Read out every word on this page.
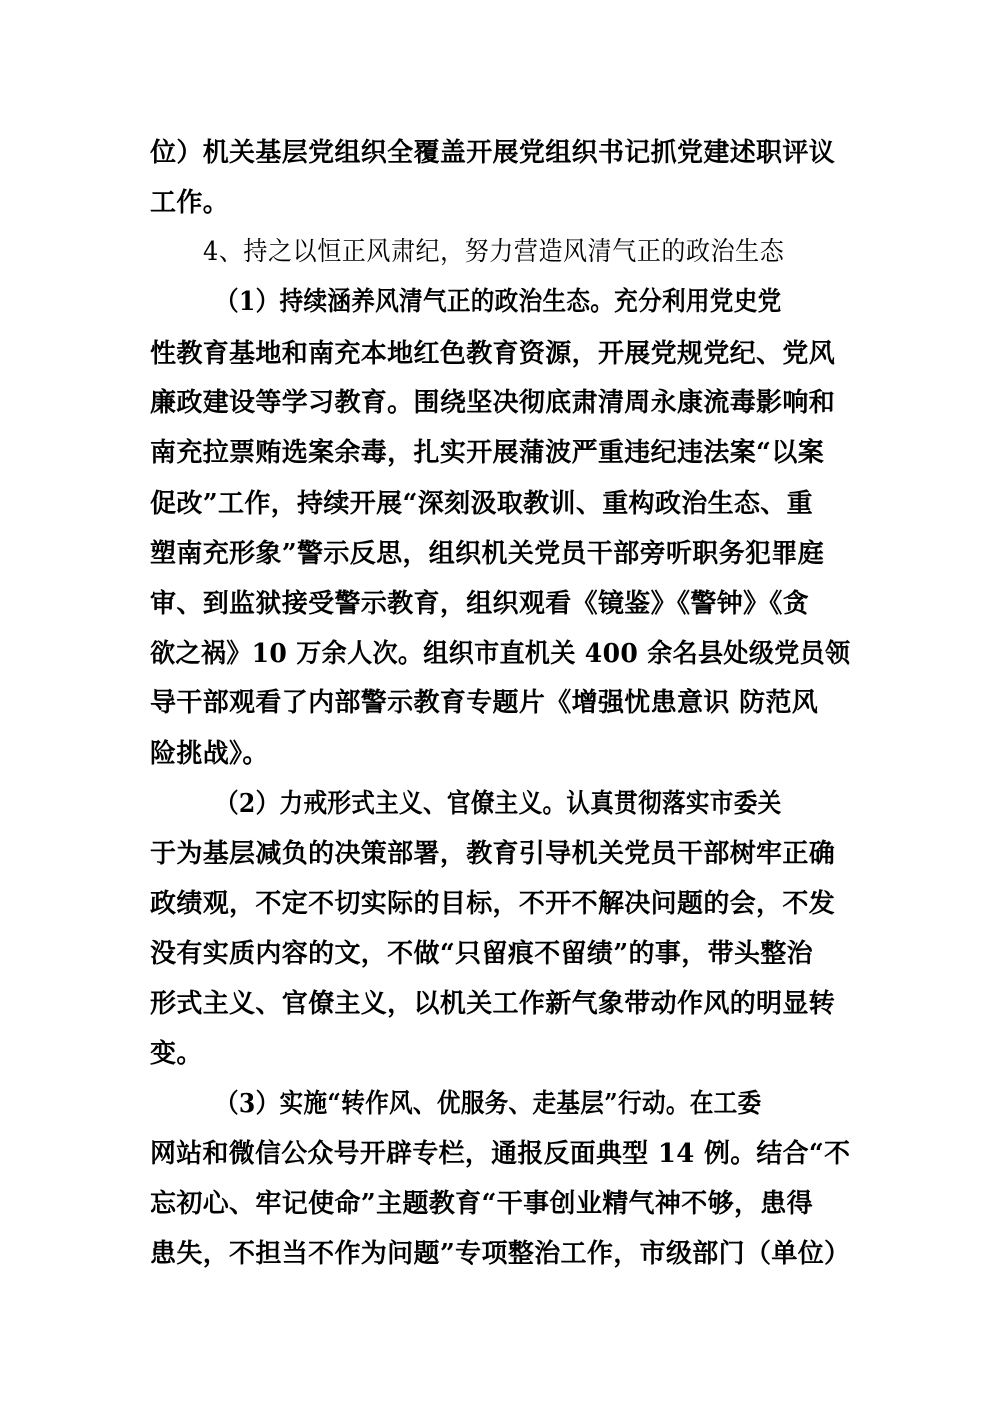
位）机关基层党组织全覆盖开展党组织书记抓党建述职评议
工作。
4、持之以恒正风肃纪，努力营造风清气正的政治生态
（1）持续涵养风清气正的政治生态。充分利用党史党
性教育基地和南充本地红色教育资源，开展党规党纪、党风
廉政建设等学习教育。围绕坚决彻底肃清周永康流毒影响和
南充拉票贿选案余毒，扎实开展蒲波严重违纪违法案“以案
促改”工作，持续开展“深刻汲取教训、重构政治生态、重
塑南充形象”警示反思，组织机关党员干部旁听职务犯罪庭
审、到监狱接受警示教育，组织观看《镜鉴》《警钟》《贪
欲之祸》10 万余人次。组织市直机关 400 余名县处级党员领
导干部观看了内部警示教育专题片《增强忧患意识 防范风
险挑战》。
（2）力戒形式主义、官僚主义。认真贯彻落实市委关
于为基层减负的决策部署，教育引导机关党员干部树牢正确
政绩观，不定不切实际的目标，不开不解决问题的会，不发
没有实质内容的文，不做“只留痕不留绩”的事，带头整治
形式主义、官僚主义，以机关工作新气象带动作风的明显转
变。
（3）实施“转作风、优服务、走基层”行动。在工委
网站和微信公众号开辟专栏，通报反面典型 14 例。结合“不
忘初心、牢记使命”主题教育“干事创业精气神不够，患得
患失，不担当不作为问题”专项整治工作，市级部门（单位）
